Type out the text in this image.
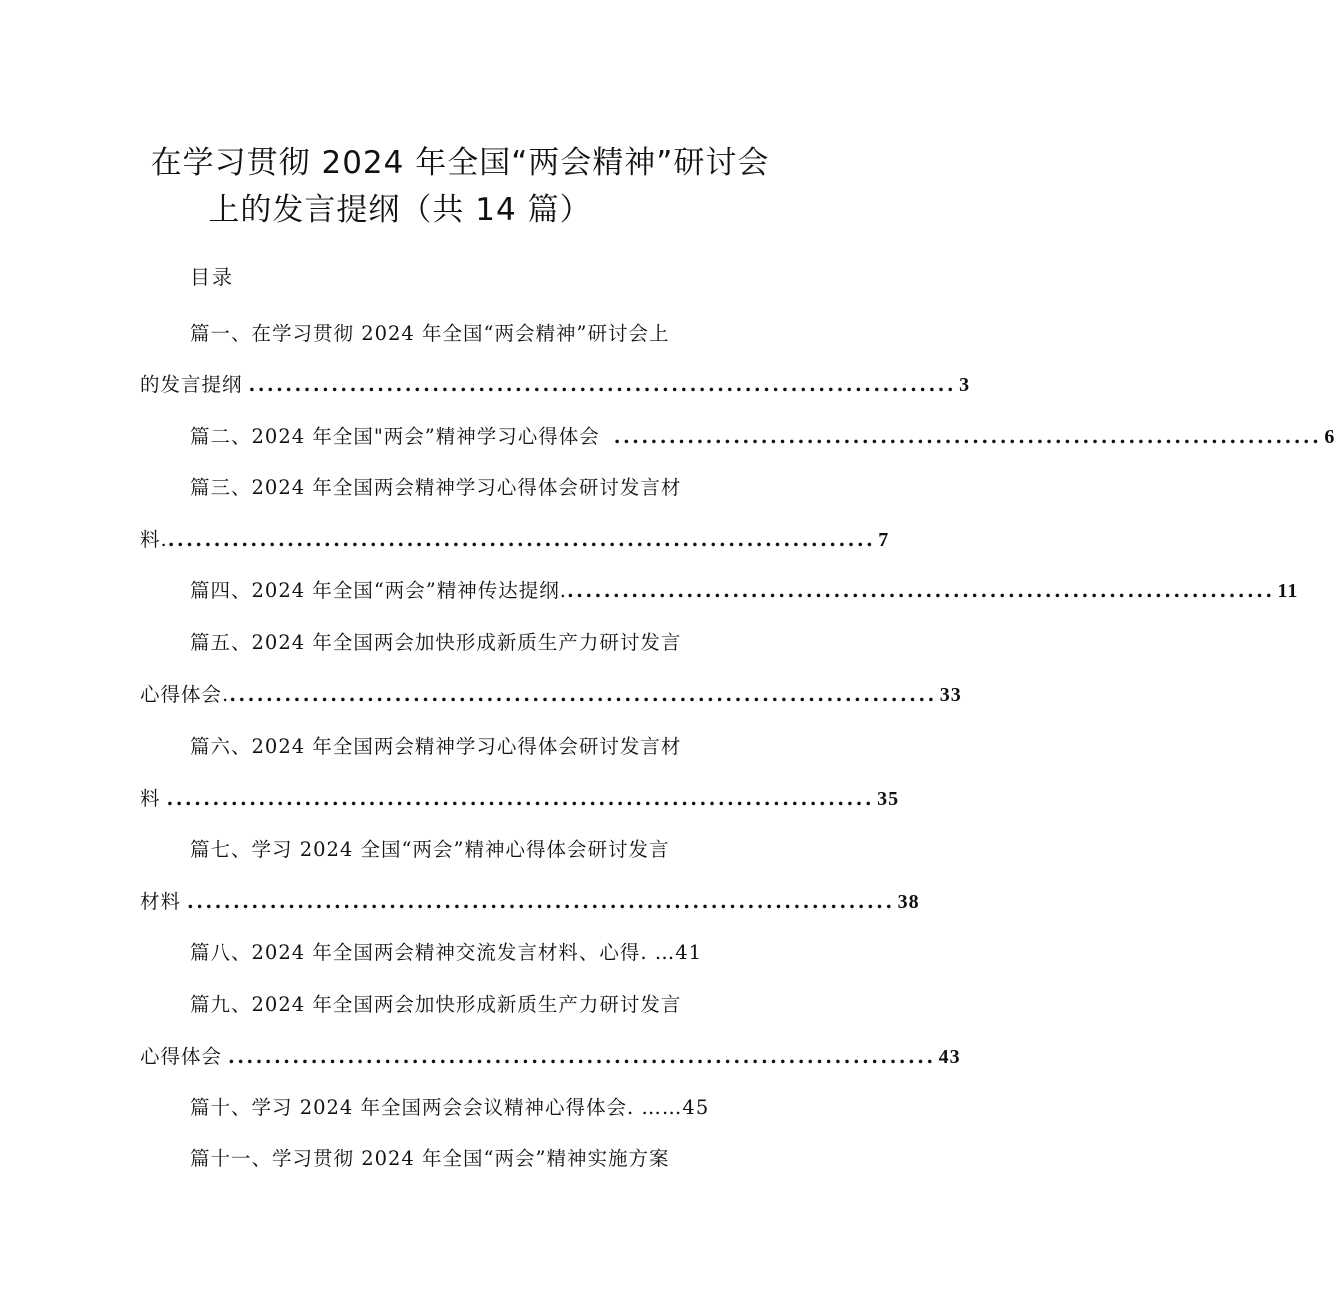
在学习贯彻 2024 年全国“两会精神”研讨会
上的发言提纲（共 14 篇）
目录
篇一、在学习贯彻 2024 年全国“两会精神”研讨会上
的发言提纲 ............................................................................. 3
篇二、2024 年全国"两会”精神学习心得体会 ............................................................................. 6
篇三、2024 年全国两会精神学习心得体会研讨发言材
料. ............................................................................. 7
篇四、2024 年全国“两会”精神传达提纲. ............................................................................. 11
篇五、2024 年全国两会加快形成新质生产力研讨发言
心得体会. ............................................................................. 33
篇六、2024 年全国两会精神学习心得体会研讨发言材
料 ............................................................................. 35
篇七、学习 2024 全国“两会”精神心得体会研讨发言
材料 ............................................................................. 38
篇八、2024 年全国两会精神交流发言材料、心得. …41
篇九、2024 年全国两会加快形成新质生产力研讨发言
心得体会 ............................................................................. 43
篇十、学习 2024 年全国两会会议精神心得体会. ……45
篇十一、学习贯彻 2024 年全国“两会”精神实施方案
